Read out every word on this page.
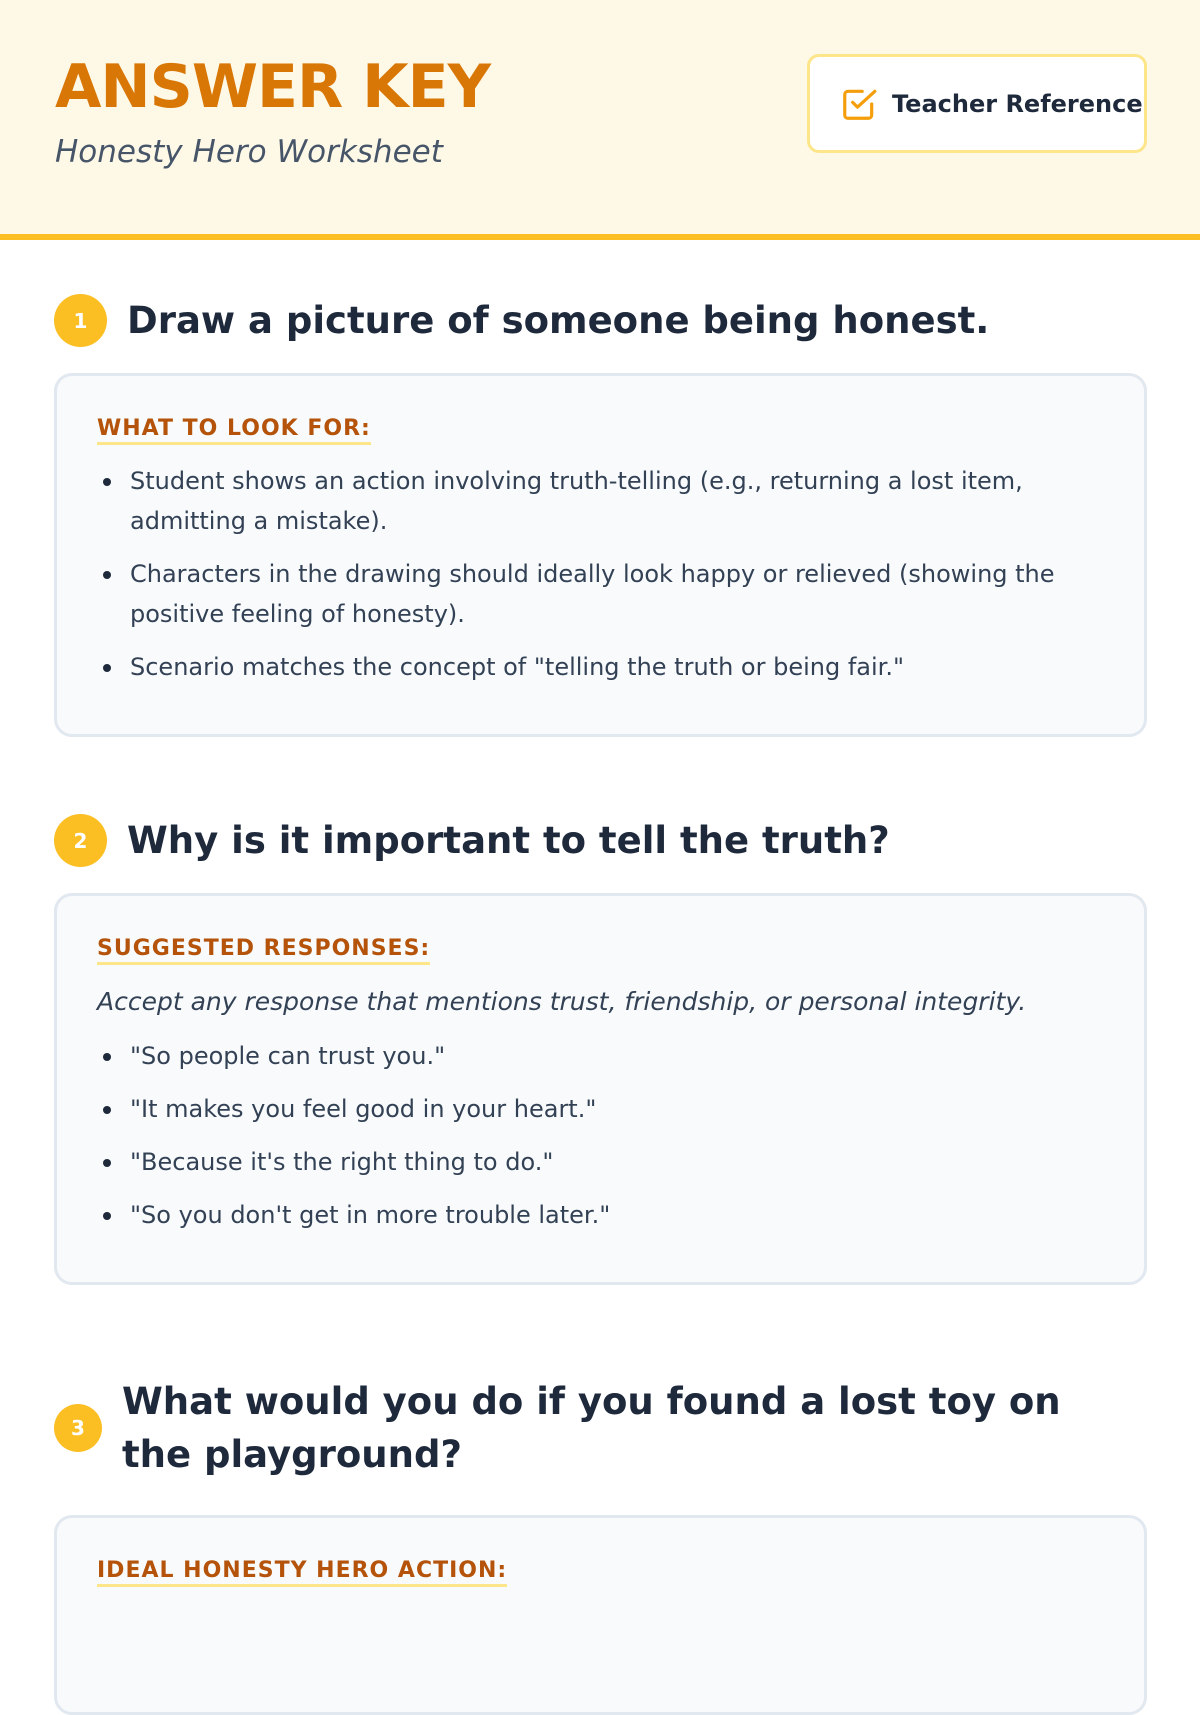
ANSWER KEY
Honesty Hero Worksheet
Teacher Reference
1	Draw a picture of someone being honest.
WHAT TO LOOK FOR:
Student shows an action involving truth-telling (e.g., returning a lost item, admitting a mistake).
Characters in the drawing should ideally look happy or relieved (showing the positive feeling of honesty).
Scenario matches the concept of "telling the truth or being fair."
2	Why is it important to tell the truth?
SUGGESTED RESPONSES:
Accept any response that mentions trust, friendship, or personal integrity.
"So people can trust you."
"It makes you feel good in your heart."
"Because it's the right thing to do."
"So you don't get in more trouble later."
3
What would you do if you found a lost toy on the playground?
IDEAL HONESTY HERO ACTION:
